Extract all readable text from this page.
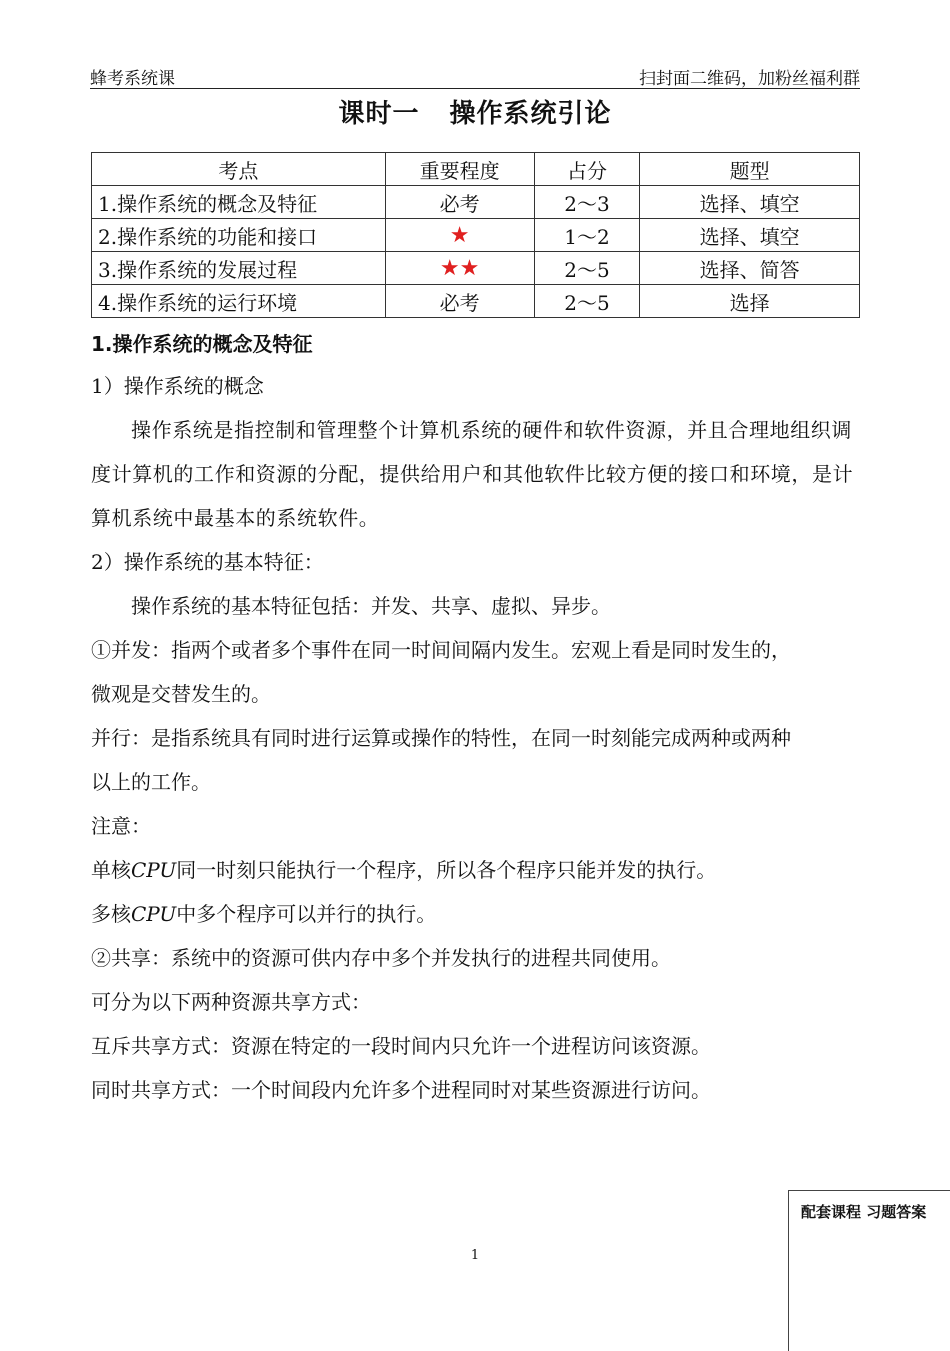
蜂考系统课	扫封面二维码，加粉丝福利群
课时一 操作系统引论
考点	重要程度	占分	题型
1.操作系统的概念及特征	必考	2～3	选择、填空
2.操作系统的功能和接口	★	1～2	选择、填空
3.操作系统的发展过程	★★	2～5	选择、简答
4.操作系统的运行环境	必考	2～5	选择

1.操作系统的概念及特征

1）操作系统的概念

操作系统是指控制和管理整个计算机系统的硬件和软件资源，并且合理地组织调度计算机的工作和资源的分配，提供给用户和其他软件比较方便的接口和环境，是计算机系统中最基本的系统软件。

2）操作系统的基本特征：

操作系统的基本特征包括：并发、共享、虚拟、异步。

①并发：指两个或者多个事件在同一时间间隔内发生。宏观上看是同时发生的，

微观是交替发生的。

并行：是指系统具有同时进行运算或操作的特性，在同一时刻能完成两种或两种

以上的工作。

注意：

单核CPU同一时刻只能执行一个程序，所以各个程序只能并发的执行。

多核CPU中多个程序可以并行的执行。

②共享：系统中的资源可供内存中多个并发执行的进程共同使用。

可分为以下两种资源共享方式：

互斥共享方式：资源在特定的一段时间内只允许一个进程访问该资源。

同时共享方式：一个时间段内允许多个进程同时对某些资源进行访问。

配套课程 习题答案
1
